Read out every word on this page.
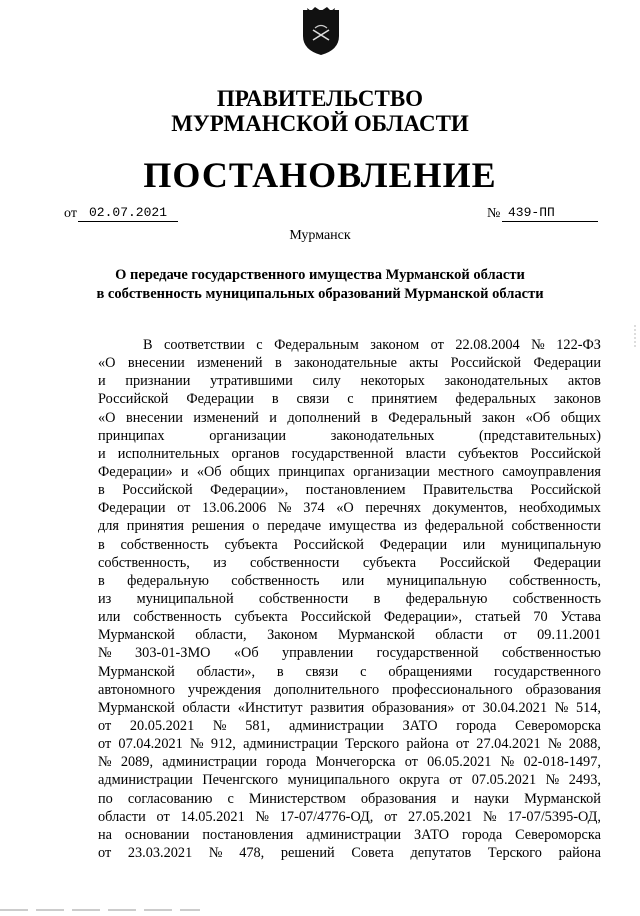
ПРАВИТЕЛЬСТВО
МУРМАНСКОЙ ОБЛАСТИ
ПОСТАНОВЛЕНИЕ
от 02.07.2021	№ 439-ПП
Мурманск
О передаче государственного имущества Мурманской области
в собственность муниципальных образований Мурманской области
В соответствии с Федеральным законом от 22.08.2004 № 122-ФЗ
«О внесении изменений в законодательные акты Российской Федерации
и признании утратившими силу некоторых законодательных актов
Российской Федерации в связи с принятием федеральных законов
«О внесении изменений и дополнений в Федеральный закон «Об общих
принципах	организации	законодательных	(представительных)
и исполнительных органов государственной власти субъектов Российской
Федерации» и «Об общих принципах организации местного самоуправления
в Российской Федерации», постановлением Правительства Российской
Федерации от 13.06.2006 № 374 «О перечнях документов, необходимых
для принятия решения о передаче имущества из федеральной собственности
в собственность субъекта Российской Федерации или муниципальную
собственность, из собственности субъекта Российской Федерации
в федеральную собственность или муниципальную собственность,
из муниципальной собственности в федеральную собственность
или собственность субъекта Российской Федерации», статьей 70 Устава
Мурманской области, Законом Мурманской области от 09.11.2001
№ 303-01-ЗМО «Об управлении государственной собственностью
Мурманской области», в связи с обращениями государственного
автономного учреждения дополнительного профессионального образования
Мурманской области «Институт развития образования» от 30.04.2021 № 514,
от 20.05.2021 № 581, администрации ЗАТО города Североморска
от 07.04.2021 № 912, администрации Терского района от 27.04.2021 № 2088,
№ 2089, администрации города Мончегорска от 06.05.2021 № 02-018-1497,
администрации Печенгского муниципального округа от 07.05.2021 № 2493,
по согласованию с Министерством образования и науки Мурманской
области от 14.05.2021 № 17-07/4776-ОД, от 27.05.2021 № 17-07/5395-ОД,
на основании постановления администрации ЗАТО города Североморска
от 23.03.2021 № 478, решений Совета депутатов Терского района
